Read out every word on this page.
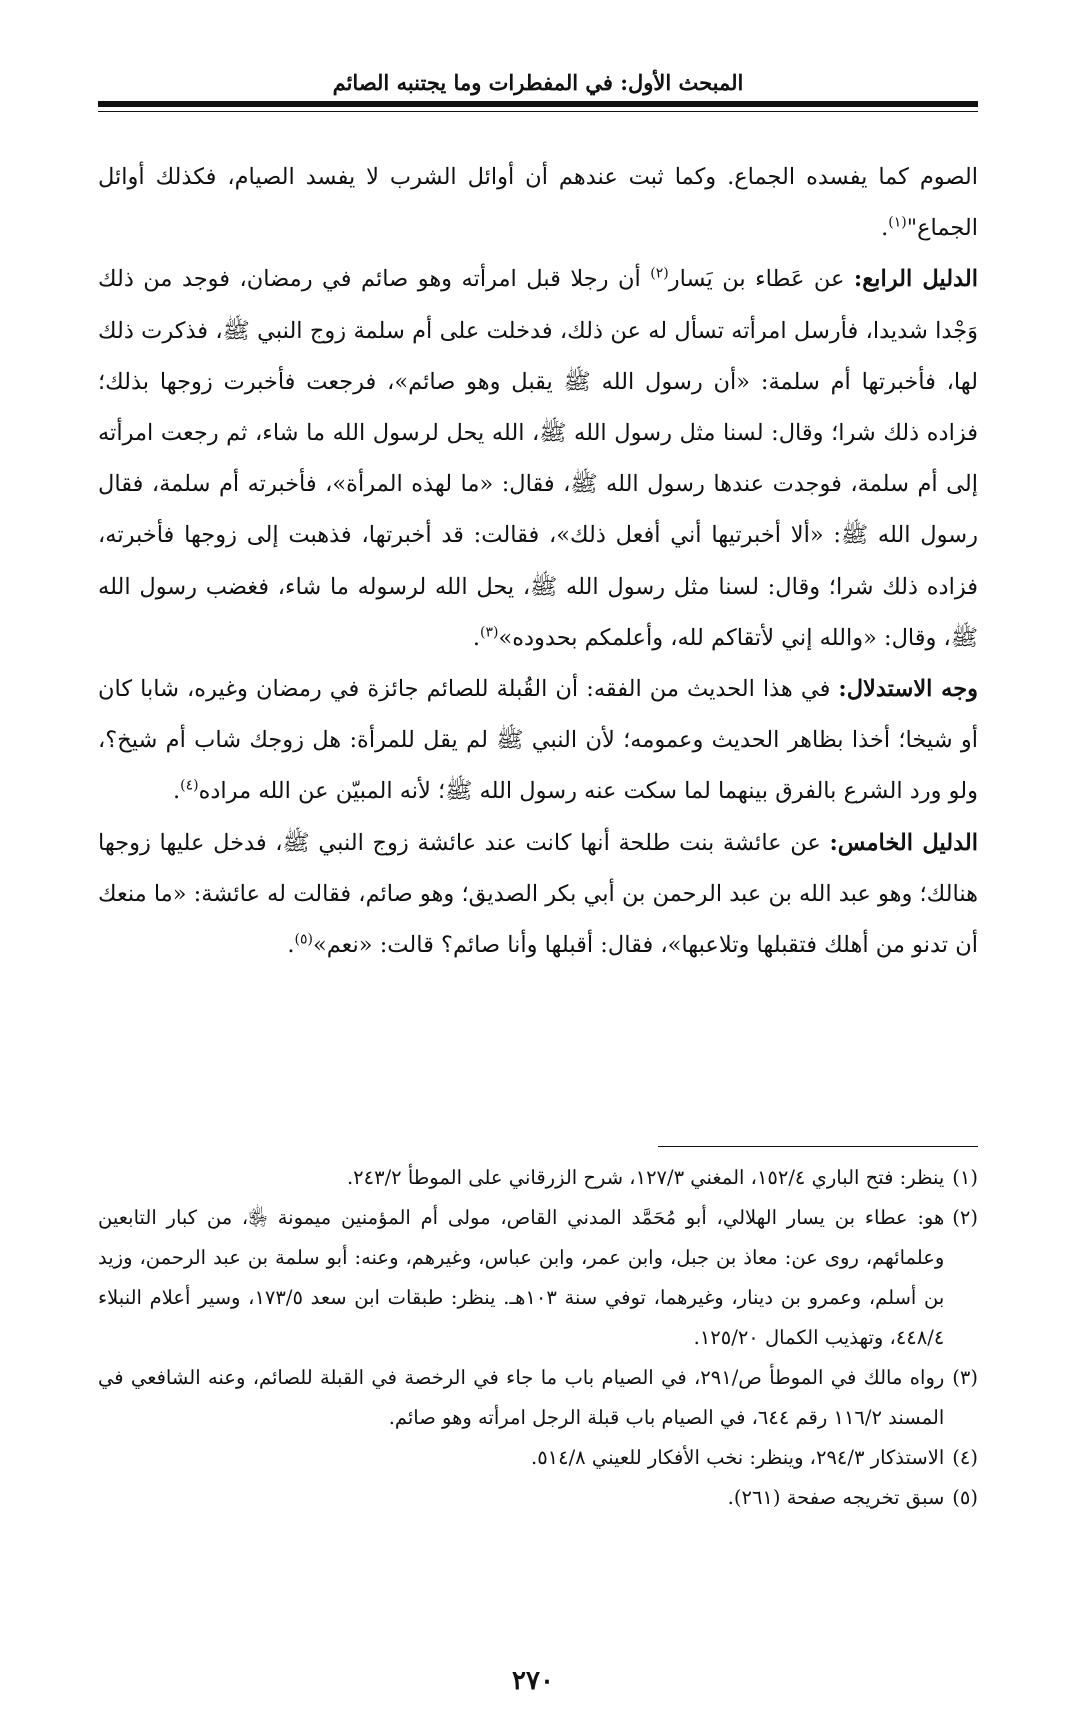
المبحث الأول: في المفطرات وما يجتنبه الصائم

الصوم كما يفسده الجماع. وكما ثبت عندهم أن أوائل الشرب لا يفسد الصيام، فكذلك أوائل الجماع"$^{(١)}$.

الدليل الرابع: عن عَطاء بن يَسار$^{(٢)}$ أن رجلا قبل امرأته وهو صائم في رمضان، فوجد من ذلك وَجْدا شديدا، فأرسل امرأته تسأل له عن ذلك، فدخلت على أم سلمة زوج النبي ﷺ، فذكرت ذلك لها، فأخبرتها أم سلمة: «أن رسول الله ﷺ يقبل وهو صائم»، فرجعت فأخبرت زوجها بذلك؛ فزاده ذلك شرا؛ وقال: لسنا مثل رسول الله ﷺ، الله يحل لرسول الله ما شاء، ثم رجعت امرأته إلى أم سلمة، فوجدت عندها رسول الله ﷺ، فقال: «ما لهذه المرأة»، فأخبرته أم سلمة، فقال رسول الله ﷺ: «ألا أخبرتيها أني أفعل ذلك»، فقالت: قد أخبرتها، فذهبت إلى زوجها فأخبرته، فزاده ذلك شرا؛ وقال: لسنا مثل رسول الله ﷺ، يحل الله لرسوله ما شاء، فغضب رسول الله ﷺ، وقال: «والله إني لأتقاكم لله، وأعلمكم بحدوده»$^{(٣)}$.

وجه الاستدلال: في هذا الحديث من الفقه: أن القُبلة للصائم جائزة في رمضان وغيره، شابا كان أو شيخا؛ أخذا بظاهر الحديث وعمومه؛ لأن النبي ﷺ لم يقل للمرأة: هل زوجك شاب أم شيخ؟، ولو ورد الشرع بالفرق بينهما لما سكت عنه رسول الله ﷺ؛ لأنه المبيّن عن الله مراده$^{(٤)}$.

الدليل الخامس: عن عائشة بنت طلحة أنها كانت عند عائشة زوج النبي ﷺ، فدخل عليها زوجها هنالك؛ وهو عبد الله بن عبد الرحمن بن أبي بكر الصديق؛ وهو صائم، فقالت له عائشة: «ما منعك أن تدنو من أهلك فتقبلها وتلاعبها»، فقال: أقبلها وأنا صائم؟ قالت: «نعم»$^{(٥)}$.

(١)
ينظر: فتح الباري ١٥٢/٤، المغني ١٢٧/٣، شرح الزرقاني على الموطأ ٢٤٣/٢.

(٢)
هو: عطاء بن يسار الهلالي، أبو مُحَمَّد المدني القاص، مولى أم المؤمنين ميمونة ﵂، من كبار التابعين وعلمائهم، روى عن: معاذ بن جبل، وابن عمر، وابن عباس، وغيرهم، وعنه: أبو سلمة بن عبد الرحمن، وزيد بن أسلم، وعمرو بن دينار، وغيرهما، توفي سنة ١٠٣هـ. ينظر: طبقات ابن سعد ١٧٣/٥، وسير أعلام النبلاء ٤٤٨/٤، وتهذيب الكمال ١٢٥/٢٠.

(٣)
رواه مالك في الموطأ ص/٢٩١، في الصيام باب ما جاء في الرخصة في القبلة للصائم، وعنه الشافعي في المسند ١١٦/٢ رقم ٦٤٤، في الصيام باب قبلة الرجل امرأته وهو صائم.

(٤)
الاستذكار ٢٩٤/٣، وينظر: نخب الأفكار للعيني ٥١٤/٨.

(٥)
سبق تخريجه صفحة (٢٦١).

٢٧٠
